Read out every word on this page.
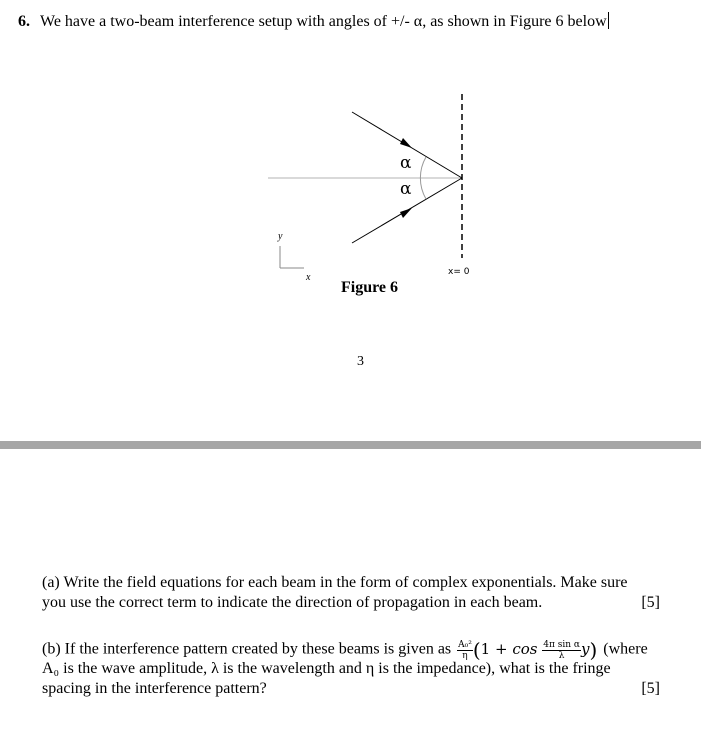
6. We have a two-beam interference setup with angles of +/- α, as shown in Figure 6 below
α
α
x= 0
y
x
Figure 6
3
(a) Write the field equations for each beam in the form of complex exponentials. Make sure
you use the correct term to indicate the direction of propagation in each beam.	[5]
(b) If the interference pattern created by these beams is given as $\frac{\text{A₀²}}{\eta} (1 + \cos \frac{\text{4π sin α}}{\lambda} y)$ (where
A₀ is the wave amplitude, λ is the wavelength and η is the impedance), what is the fringe
spacing in the interference pattern?	[5]
